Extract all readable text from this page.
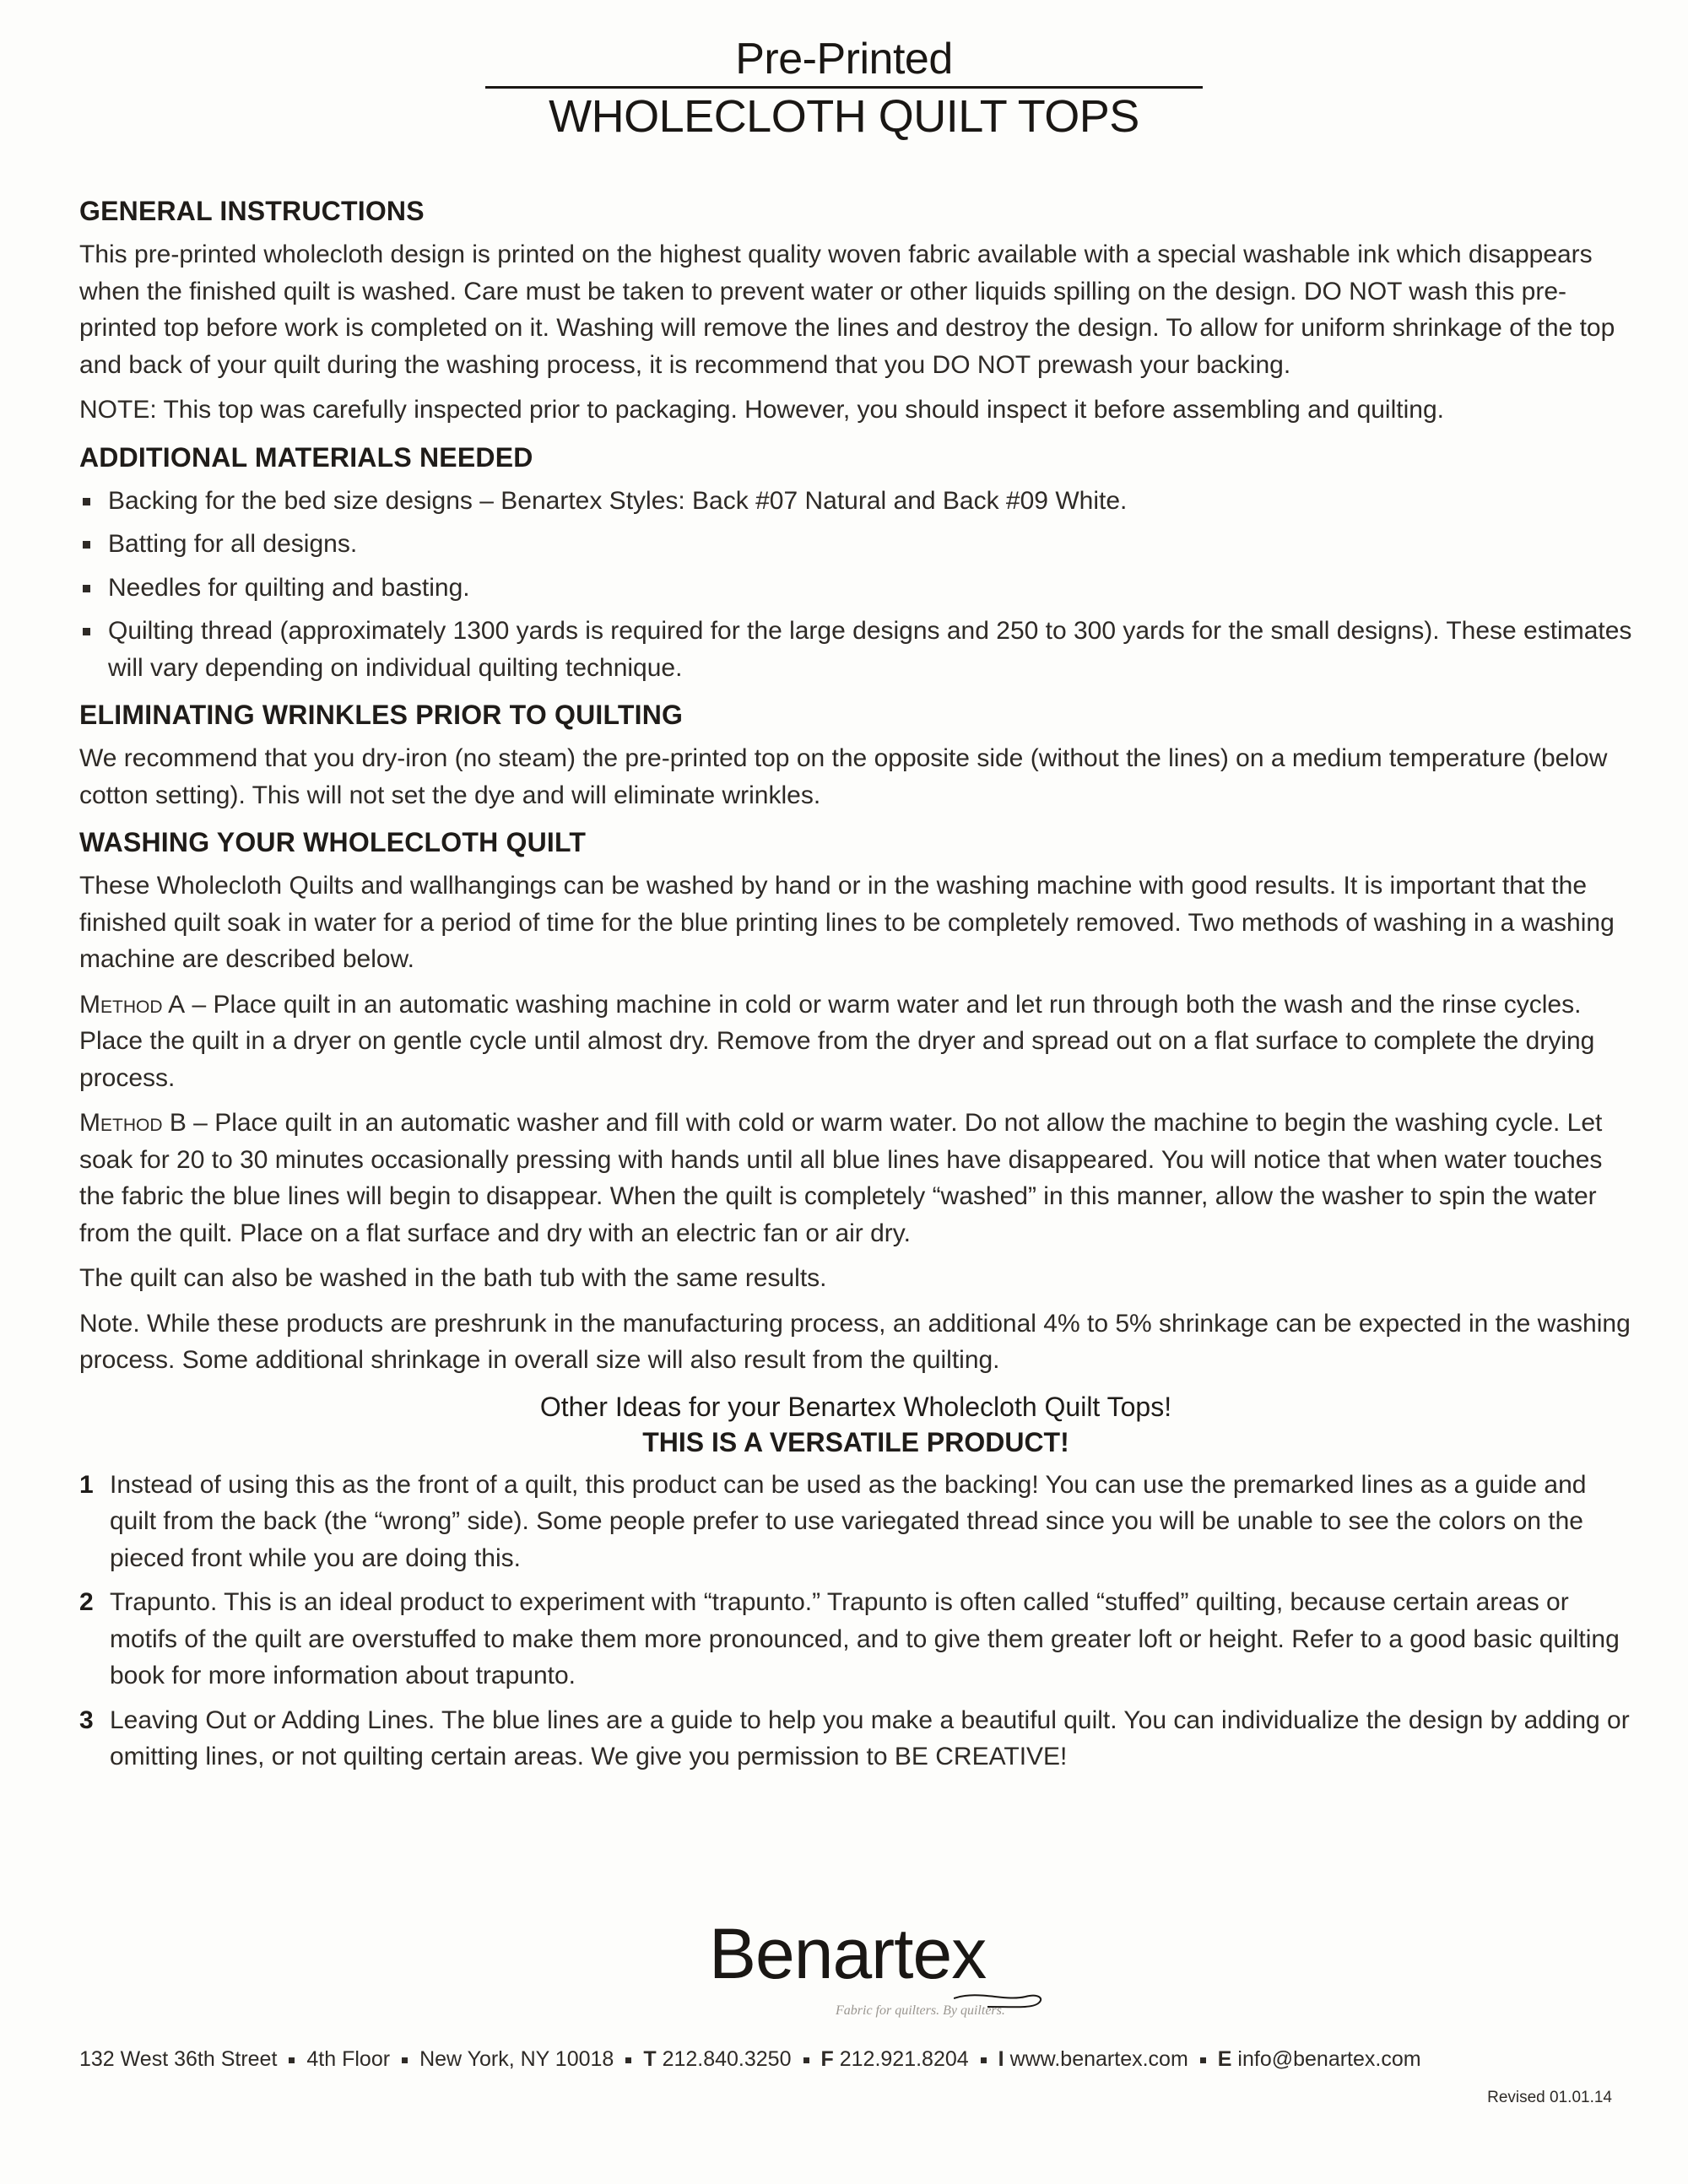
Pre-Printed
WHOLECLOTH QUILT TOPS
GENERAL INSTRUCTIONS

This pre-printed wholecloth design is printed on the highest quality woven fabric available with a special washable ink which disappears when the finished quilt is washed. Care must be taken to prevent water or other liquids spilling on the design. DO NOT wash this pre-printed top before work is completed on it. Washing will remove the lines and destroy the design. To allow for uniform shrinkage of the top and back of your quilt during the washing process, it is recommend that you DO NOT prewash your backing.

NOTE: This top was carefully inspected prior to packaging. However, you should inspect it before assembling and quilting.

ADDITIONAL MATERIALS NEEDED
Backing for the bed size designs – Benartex Styles: Back #07 Natural and Back #09 White.
Batting for all designs.
Needles for quilting and basting.
Quilting thread (approximately 1300 yards is required for the large designs and 250 to 300 yards for the small designs). These estimates will vary depending on individual quilting technique.
ELIMINATING WRINKLES PRIOR TO QUILTING

We recommend that you dry-iron (no steam) the pre-printed top on the opposite side (without the lines) on a medium temperature (below cotton setting). This will not set the dye and will eliminate wrinkles.

WASHING YOUR WHOLECLOTH QUILT

These Wholecloth Quilts and wallhangings can be washed by hand or in the washing machine with good results. It is important that the finished quilt soak in water for a period of time for the blue printing lines to be completely removed. Two methods of washing in a washing machine are described below.

Method A – Place quilt in an automatic washing machine in cold or warm water and let run through both the wash and the rinse cycles. Place the quilt in a dryer on gentle cycle until almost dry. Remove from the dryer and spread out on a flat surface to complete the drying process.

Method B – Place quilt in an automatic washer and fill with cold or warm water. Do not allow the machine to begin the washing cycle. Let soak for 20 to 30 minutes occasionally pressing with hands until all blue lines have disappeared. You will notice that when water touches the fabric the blue lines will begin to disappear. When the quilt is completely “washed” in this manner, allow the washer to spin the water from the quilt. Place on a flat surface and dry with an electric fan or air dry.

The quilt can also be washed in the bath tub with the same results.

Note. While these products are preshrunk in the manufacturing process, an additional 4% to 5% shrinkage can be expected in the washing process. Some additional shrinkage in overall size will also result from the quilting.

Other Ideas for your Benartex Wholecloth Quilt Tops!
THIS IS A VERSATILE PRODUCT!
1 Instead of using this as the front of a quilt, this product can be used as the backing! You can use the premarked lines as a guide and quilt from the back (the “wrong” side). Some people prefer to use variegated thread since you will be unable to see the colors on the pieced front while you are doing this.
2 Trapunto. This is an ideal product to experiment with “trapunto.” Trapunto is often called “stuffed” quilting, because certain areas or motifs of the quilt are overstuffed to make them more pronounced, and to give them greater loft or height. Refer to a good basic quilting book for more information about trapunto.
3 Leaving Out or Adding Lines. The blue lines are a guide to help you make a beautiful quilt. You can individualize the design by adding or omitting lines, or not quilting certain areas. We give you permission to BE CREATIVE!
Benartex
Fabric for quilters. By quilters.
132 West 36th Street 4th Floor New York, NY 10018 T 212.840.3250 F 212.921.8204 I www.benartex.com E info@benartex.com
Revised 01.01.14
